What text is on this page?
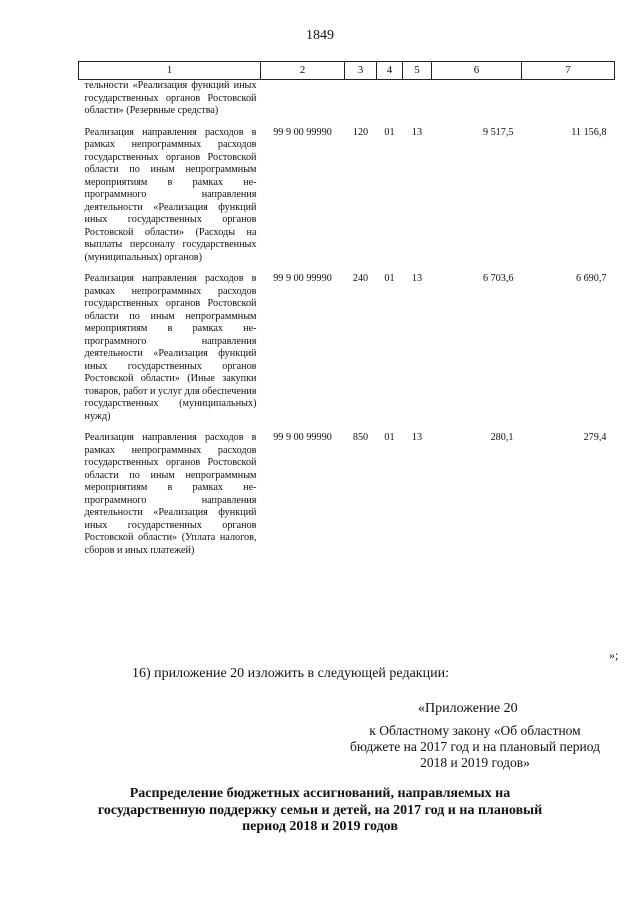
1849
1	2	3	4	5	6	7
тельности «Реализация функций иных государственных органов Ростовской области» (Резервные средства)						
Реализация направления расходов в рамках непрограммных расходов государственных органов Ростовской области по иным непрограммным мероприятиям в рамках непрограммного направления деятельности «Реализация функций иных государственных органов Ростовской области» (Расходы на выплаты персоналу государственных (муниципальных) органов)	99 9 00 99990	120	01	13	9 517,5	11 156,8
Реализация направления расходов в рамках непрограммных расходов государственных органов Ростовской области по иным непрограммным мероприятиям в рамках непрограммного направления деятельности «Реализация функций иных государственных органов Ростовской области» (Иные закупки товаров, работ и услуг для обеспечения государственных (муниципальных) нужд)	99 9 00 99990	240	01	13	6 703,6	6 690,7
Реализация направления расходов в рамках непрограммных расходов государственных органов Ростовской области по иным непрограммным мероприятиям в рамках непрограммного направления деятельности «Реализация функций иных государственных органов Ростовской области» (Уплата налогов, сборов и иных платежей)	99 9 00 99990	850	01	13	280,1	279,4
»;
16) приложение 20 изложить в следующей редакции:
«Приложение 20
к Областному закону «Об областном бюджете на 2017 год и на плановый период 2018 и 2019 годов»
Распределение бюджетных ассигнований, направляемых на государственную поддержку семьи и детей, на 2017 год и на плановый период 2018 и 2019 годов
